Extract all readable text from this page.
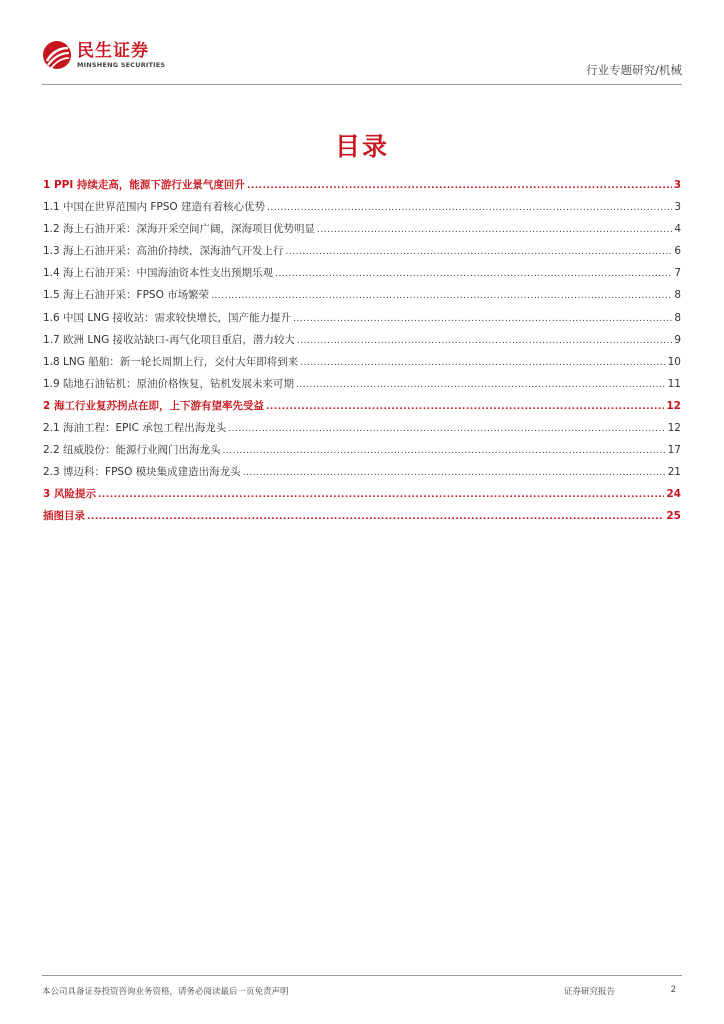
民生证券
MINSHENG SECURITIES	行业专题研究/机械
目录
1 PPI 持续走高，能源下游行业景气度回升 .....	3
1.1 中国在世界范围内 FPSO 建造有着核心优势 .....	3
1.2 海上石油开采：深海开采空间广阔，深海项目优势明显 .....	4
1.3 海上石油开采：高油价持续，深海油气开发上行 .....	6
1.4 海上石油开采：中国海油资本性支出预期乐观 .....	7
1.5 海上石油开采：FPSO 市场繁荣 .....	8
1.6 中国 LNG 接收站：需求较快增长，国产能力提升 .....	8
1.7 欧洲 LNG 接收站缺口-再气化项目重启，潜力较大 .....	9
1.8 LNG 船舶：新一轮长周期上行，交付大年即将到来 .....	10
1.9 陆地石油钻机：原油价格恢复，钻机发展未来可期 .....	11
2 海工行业复苏拐点在即，上下游有望率先受益 .....	12
2.1 海油工程：EPIC 承包工程出海龙头 .....	12
2.2 纽威股份：能源行业阀门出海龙头 .....	17
2.3 博迈科：FPSO 模块集成建造出海龙头 .....	21
3 风险提示 .....	24
插图目录 .....	25
本公司具备证券投资咨询业务资格，请务必阅读最后一页免责声明	证券研究报告	2
